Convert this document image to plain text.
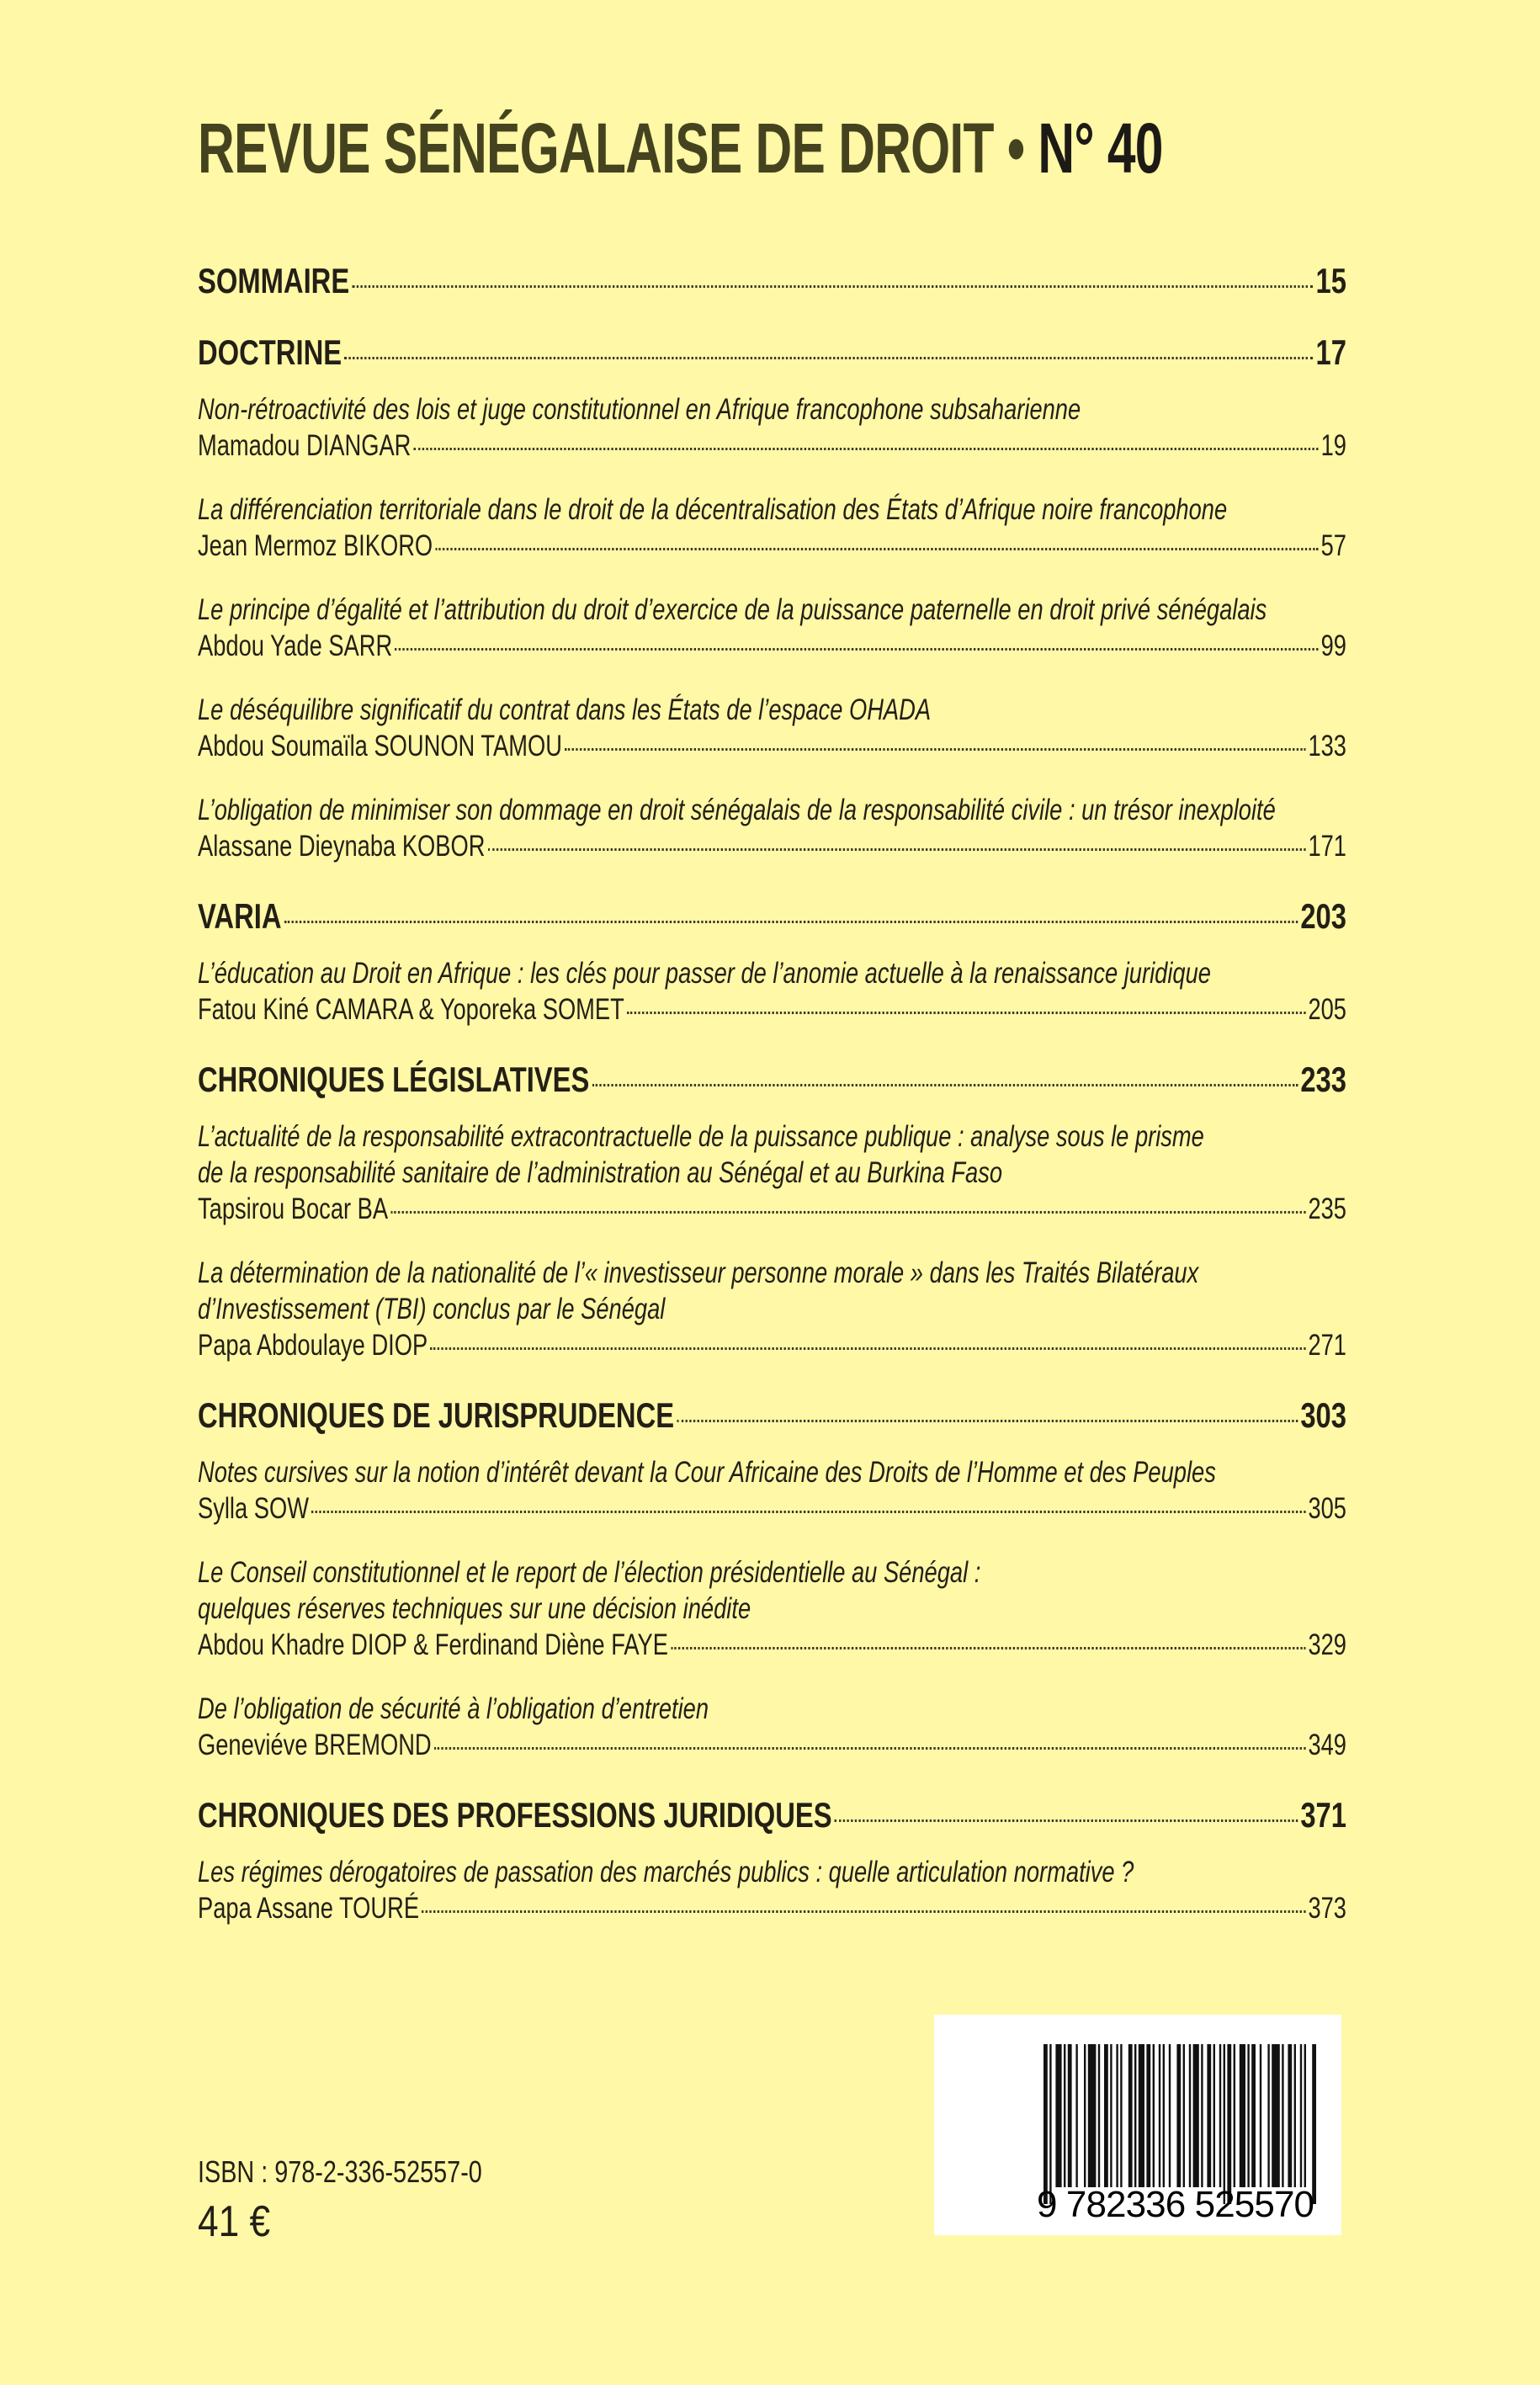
REVUE SÉNÉGALAISE DE DROIT • N° 40
SOMMAIRE	15
DOCTRINE	17
Non-rétroactivité des lois et juge constitutionnel en Afrique francophone subsaharienne
Mamadou DIANGAR	19
La différenciation territoriale dans le droit de la décentralisation des États d’Afrique noire francophone
Jean Mermoz BIKORO	57
Le principe d’égalité et l’attribution du droit d’exercice de la puissance paternelle en droit privé sénégalais
Abdou Yade SARR	99
Le déséquilibre significatif du contrat dans les États de l’espace OHADA
Abdou Soumaïla SOUNON TAMOU	133
L’obligation de minimiser son dommage en droit sénégalais de la responsabilité civile : un trésor inexploité
Alassane Dieynaba KOBOR	171
VARIA	203
L’éducation au Droit en Afrique : les clés pour passer de l’anomie actuelle à la renaissance juridique
Fatou Kiné CAMARA & Yoporeka SOMET	205
CHRONIQUES LÉGISLATIVES	233
L’actualité de la responsabilité extracontractuelle de la puissance publique : analyse sous le prisme
de la responsabilité sanitaire de l’administration au Sénégal et au Burkina Faso
Tapsirou Bocar BA	235
La détermination de la nationalité de l’« investisseur personne morale » dans les Traités Bilatéraux
d’Investissement (TBI) conclus par le Sénégal
Papa Abdoulaye DIOP	271
CHRONIQUES DE JURISPRUDENCE	303
Notes cursives sur la notion d’intérêt devant la Cour Africaine des Droits de l’Homme et des Peuples
Sylla SOW	305
Le Conseil constitutionnel et le report de l’élection présidentielle au Sénégal :
quelques réserves techniques sur une décision inédite
Abdou Khadre DIOP & Ferdinand Diène FAYE	329
De l’obligation de sécurité à l’obligation d’entretien
Geneviéve BREMOND	349
CHRONIQUES DES PROFESSIONS JURIDIQUES	371
Les régimes dérogatoires de passation des marchés publics : quelle articulation normative ?
Papa Assane TOURÉ	373
ISBN : 978-2-336-52557-0
41 €	9 782336 525570
